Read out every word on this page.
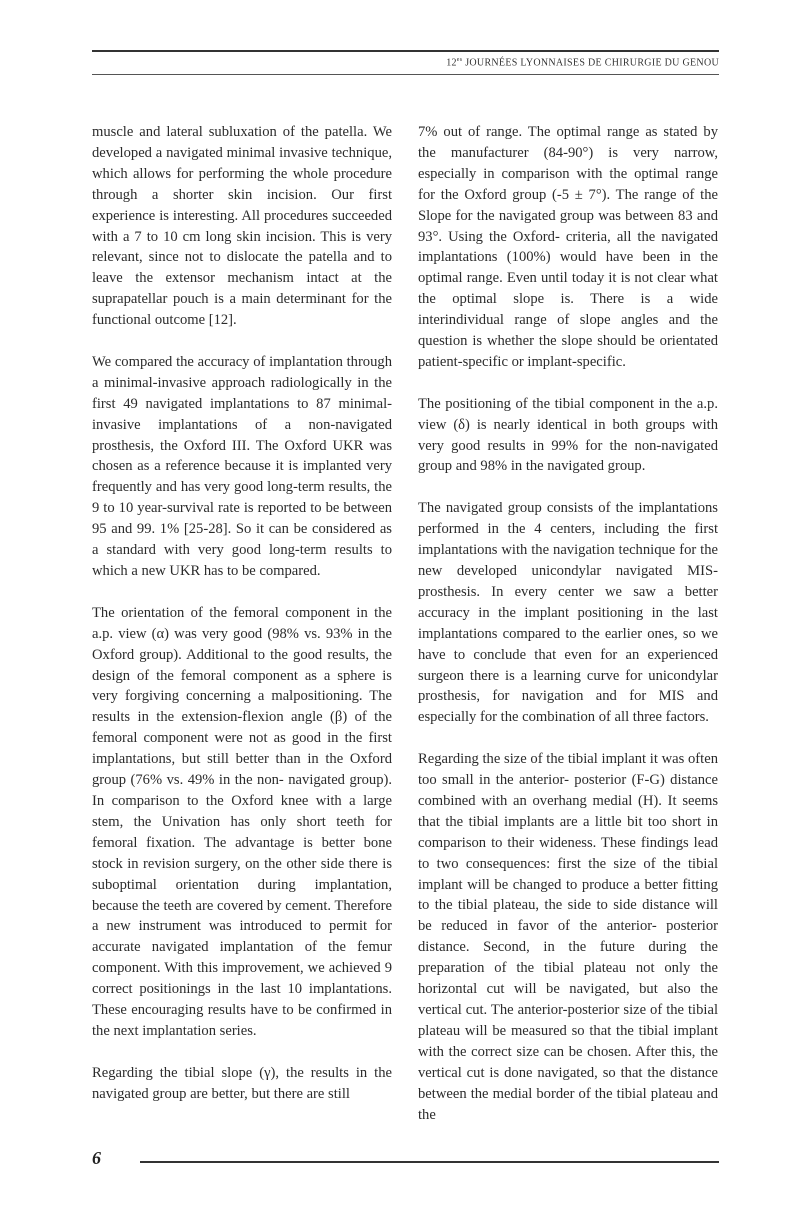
$12^{es}$ JOURNÉES LYONNAISES DE CHIRURGIE DU GENOU

muscle and lateral subluxation of the patella. We developed a navigated minimal invasive technique, which allows for performing the whole procedure through a shorter skin incision. Our first experience is interesting. All procedures succeeded with a 7 to 10 cm long skin incision. This is very relevant, since not to dislocate the patella and to leave the extensor mechanism intact at the suprapatellar pouch is a main determinant for the functional outcome [12].

We compared the accuracy of implantation through a minimal-invasive approach radiologically in the first 49 navigated implantations to 87 minimal-invasive implantations of a non-navigated prosthesis, the Oxford III. The Oxford UKR was chosen as a reference because it is implanted very frequently and has very good long-term results, the 9 to 10 year-survival rate is reported to be between 95 and 99. 1% [25-28]. So it can be considered as a standard with very good long-term results to which a new UKR has to be compared.

The orientation of the femoral component in the a.p. view (α) was very good (98% vs. 93% in the Oxford group). Additional to the good results, the design of the femoral component as a sphere is very forgiving concerning a malpositioning. The results in the extension-flexion angle (β) of the femoral component were not as good in the first implantations, but still better than in the Oxford group (76% vs. 49% in the non- navigated group). In comparison to the Oxford knee with a large stem, the Univation has only short teeth for femoral fixation. The advantage is better bone stock in revision surgery, on the other side there is suboptimal orientation during implantation, because the teeth are covered by cement. Therefore a new instrument was introduced to permit for accurate navigated implantation of the femur component. With this improvement, we achieved 9 correct positionings in the last 10 implantations. These encouraging results have to be confirmed in the next implantation series.

Regarding the tibial slope (γ), the results in the navigated group are better, but there are still

7% out of range. The optimal range as stated by the manufacturer (84-90°) is very narrow, especially in comparison with the optimal range for the Oxford group (-5 ± 7°). The range of the Slope for the navigated group was between 83 and 93°. Using the Oxford- criteria, all the navigated implantations (100%) would have been in the optimal range. Even until today it is not clear what the optimal slope is. There is a wide interindividual range of slope angles and the question is whether the slope should be orientated patient-specific or implant-specific.

The positioning of the tibial component in the a.p. view (δ) is nearly identical in both groups with very good results in 99% for the non-navigated group and 98% in the navigated group.

The navigated group consists of the implantations performed in the 4 centers, including the first implantations with the navigation technique for the new developed unicondylar navigated MIS-prosthesis. In every center we saw a better accuracy in the implant positioning in the last implantations compared to the earlier ones, so we have to conclude that even for an experienced surgeon there is a learning curve for unicondylar prosthesis, for navigation and for MIS and especially for the combination of all three factors.

Regarding the size of the tibial implant it was often too small in the anterior- posterior (F-G) distance combined with an overhang medial (H). It seems that the tibial implants are a little bit too short in comparison to their wideness. These findings lead to two consequences: first the size of the tibial implant will be changed to produce a better fitting to the tibial plateau, the side to side distance will be reduced in favor of the anterior- posterior distance. Second, in the future during the preparation of the tibial plateau not only the horizontal cut will be navigated, but also the vertical cut. The anterior-posterior size of the tibial plateau will be measured so that the tibial implant with the correct size can be chosen. After this, the vertical cut is done navigated, so that the distance between the medial border of the tibial plateau and the

6
